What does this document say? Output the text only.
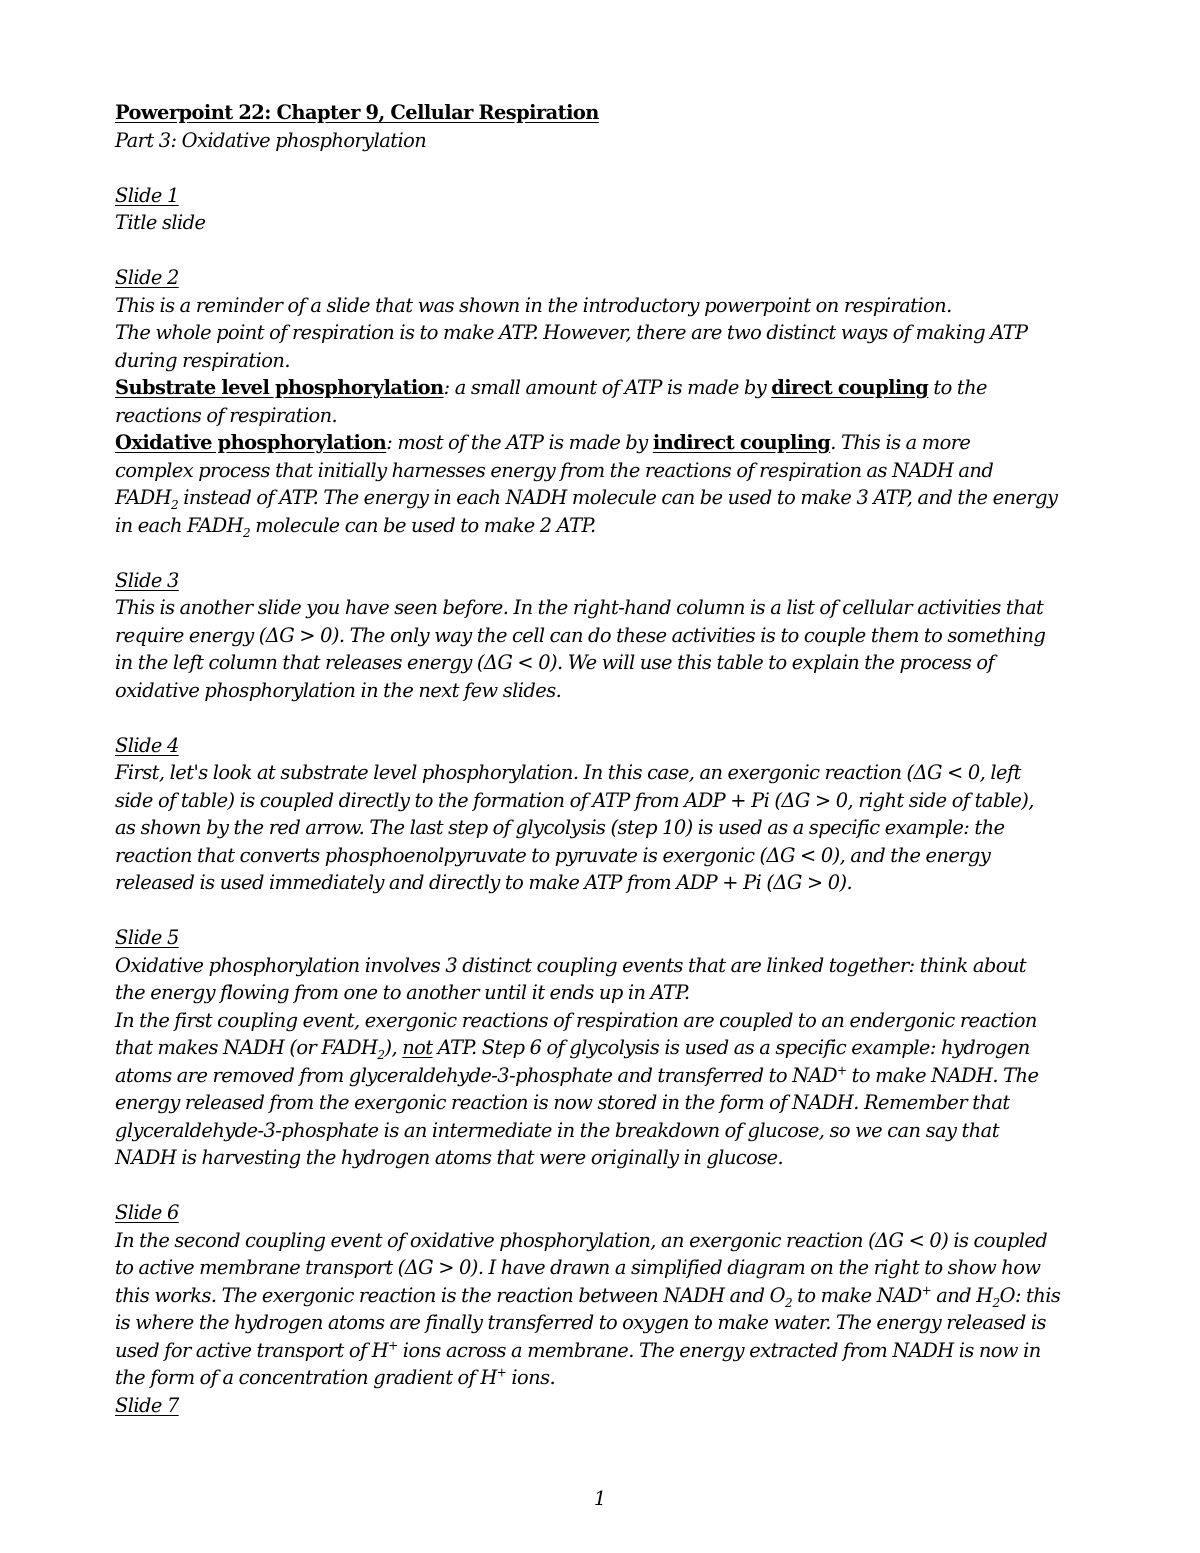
Powerpoint 22: Chapter 9, Cellular Respiration
Part 3: Oxidative phosphorylation
Slide 1
Title slide
Slide 2
This is a reminder of a slide that was shown in the introductory powerpoint on respiration.
The whole point of respiration is to make ATP. However, there are two distinct ways of making ATP
during respiration.
Substrate level phosphorylation: a small amount of ATP is made by direct coupling to the
reactions of respiration.
Oxidative phosphorylation: most of the ATP is made by indirect coupling. This is a more
complex process that initially harnesses energy from the reactions of respiration as NADH and
$FADH_2$ instead of ATP. The energy in each NADH molecule can be used to make 3 ATP, and the energy
in each $FADH_2$ molecule can be used to make 2 ATP.
Slide 3
This is another slide you have seen before. In the right-hand column is a list of cellular activities that
require energy (ΔG > 0). The only way the cell can do these activities is to couple them to something
in the left column that releases energy (ΔG < 0). We will use this table to explain the process of
oxidative phosphorylation in the next few slides.
Slide 4
First, let's look at substrate level phosphorylation. In this case, an exergonic reaction (ΔG < 0, left
side of table) is coupled directly to the formation of ATP from ADP + Pi (ΔG > 0, right side of table),
as shown by the red arrow. The last step of glycolysis (step 10) is used as a specific example: the
reaction that converts phosphoenolpyruvate to pyruvate is exergonic (ΔG < 0), and the energy
released is used immediately and directly to make ATP from ADP + Pi (ΔG > 0).
Slide 5
Oxidative phosphorylation involves 3 distinct coupling events that are linked together: think about
the energy flowing from one to another until it ends up in ATP.
In the first coupling event, exergonic reactions of respiration are coupled to an endergonic reaction
that makes NADH (or $FADH_2$), not ATP. Step 6 of glycolysis is used as a specific example: hydrogen
atoms are removed from glyceraldehyde-3-phosphate and transferred to NAD+ to make NADH. The
energy released from the exergonic reaction is now stored in the form of NADH. Remember that
glyceraldehyde-3-phosphate is an intermediate in the breakdown of glucose, so we can say that
NADH is harvesting the hydrogen atoms that were originally in glucose.
Slide 6
In the second coupling event of oxidative phosphorylation, an exergonic reaction (ΔG < 0) is coupled
to active membrane transport (ΔG > 0). I have drawn a simplified diagram on the right to show how
this works. The exergonic reaction is the reaction between NADH and $O_2$ to make NAD+ and $H_2O$: this
is where the hydrogen atoms are finally transferred to oxygen to make water. The energy released is
used for active transport of H+ ions across a membrane. The energy extracted from NADH is now in
the form of a concentration gradient of H+ ions.
Slide 7
1
